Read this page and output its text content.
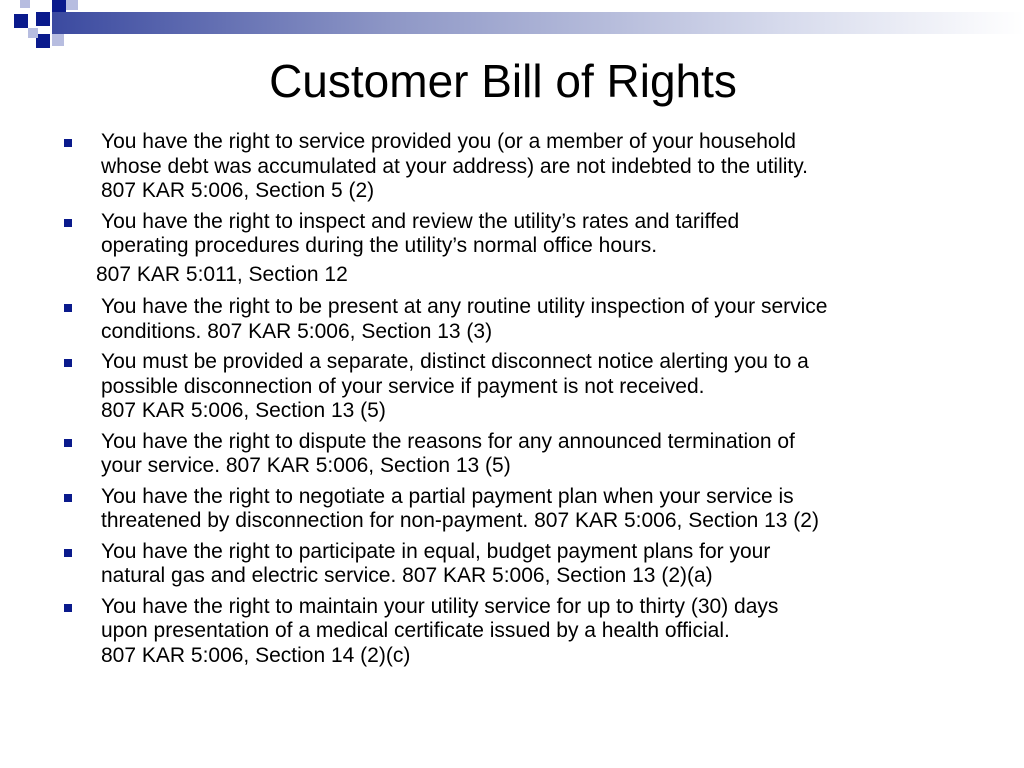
Customer Bill of Rights
You have the right to service provided you (or a member of your household
whose debt was accumulated at your address) are not indebted to the utility.
807 KAR 5:006, Section 5 (2)
You have the right to inspect and review the utility’s rates and tariffed
operating procedures during the utility’s normal office hours.
807 KAR 5:011, Section 12
You have the right to be present at any routine utility inspection of your service
conditions. 807 KAR 5:006, Section 13 (3)
You must be provided a separate, distinct disconnect notice alerting you to a
possible disconnection of your service if payment is not received.
807 KAR 5:006, Section 13 (5)
You have the right to dispute the reasons for any announced termination of
your service. 807 KAR 5:006, Section 13 (5)
You have the right to negotiate a partial payment plan when your service is
threatened by disconnection for non-payment. 807 KAR 5:006, Section 13 (2)
You have the right to participate in equal, budget payment plans for your
natural gas and electric service. 807 KAR 5:006, Section 13 (2)(a)
You have the right to maintain your utility service for up to thirty (30) days
upon presentation of a medical certificate issued by a health official.
807 KAR 5:006, Section 14 (2)(c)
